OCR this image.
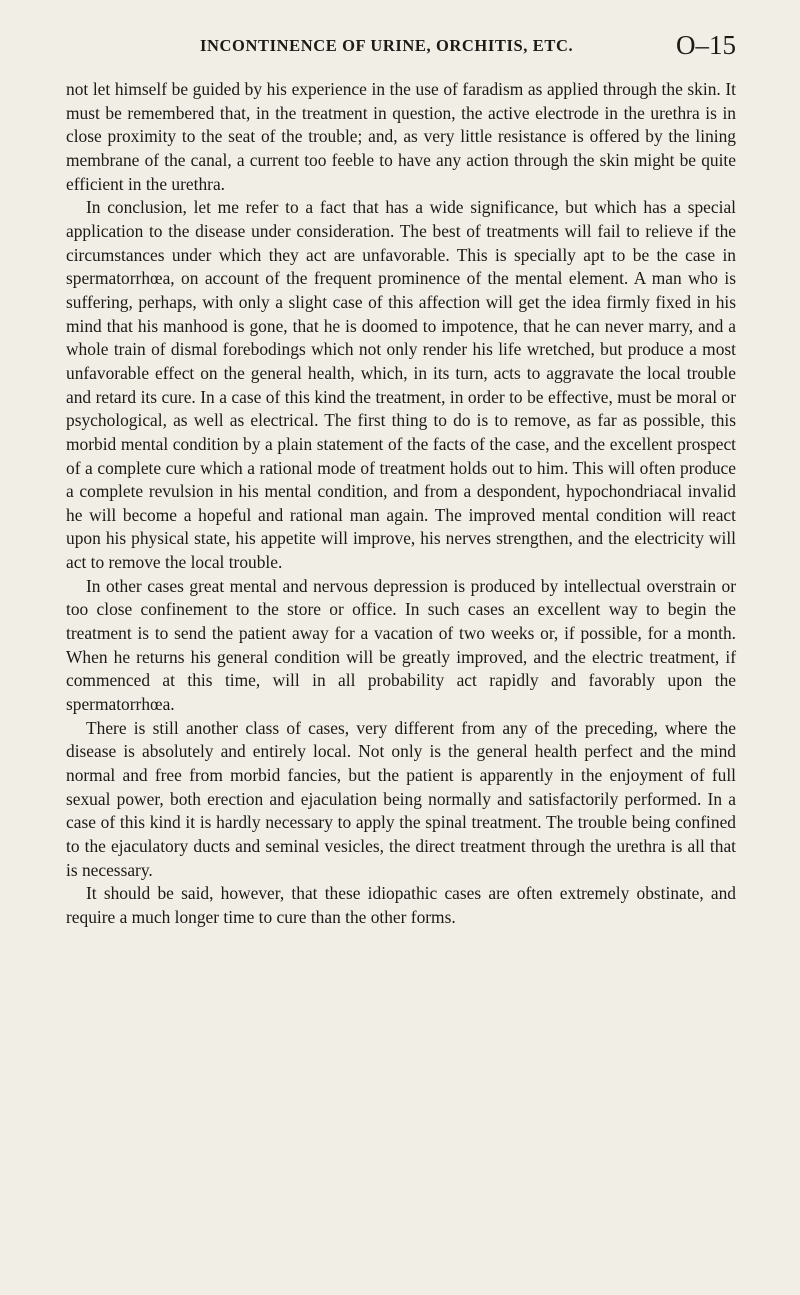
INCONTINENCE OF URINE, ORCHITIS, ETC.	O–15

not let himself be guided by his experience in the use of faradism as applied through the skin. It must be remembered that, in the treatment in question, the active electrode in the urethra is in close proximity to the seat of the trouble; and, as very little resistance is offered by the lining membrane of the canal, a current too feeble to have any action through the skin might be quite efficient in the urethra.

In conclusion, let me refer to a fact that has a wide significance, but which has a special application to the disease under consideration. The best of treatments will fail to relieve if the circumstances under which they act are unfavorable. This is specially apt to be the case in spermatorrhœa, on account of the frequent prominence of the mental element. A man who is suffering, perhaps, with only a slight case of this affection will get the idea firmly fixed in his mind that his manhood is gone, that he is doomed to impotence, that he can never marry, and a whole train of dismal forebodings which not only render his life wretched, but produce a most unfavorable effect on the general health, which, in its turn, acts to aggravate the local trouble and retard its cure. In a case of this kind the treatment, in order to be effective, must be moral or psychological, as well as electrical. The first thing to do is to remove, as far as possible, this morbid mental condition by a plain statement of the facts of the case, and the excellent prospect of a complete cure which a rational mode of treatment holds out to him. This will often produce a complete revulsion in his mental condition, and from a despondent, hypochondriacal invalid he will become a hopeful and rational man again. The improved mental condition will react upon his physical state, his appetite will improve, his nerves strengthen, and the electricity will act to remove the local trouble.

In other cases great mental and nervous depression is produced by intellectual overstrain or too close confinement to the store or office. In such cases an excellent way to begin the treatment is to send the patient away for a vacation of two weeks or, if possible, for a month. When he returns his general condition will be greatly improved, and the electric treatment, if commenced at this time, will in all probability act rapidly and favorably upon the spermatorrhœa.

There is still another class of cases, very different from any of the preceding, where the disease is absolutely and entirely local. Not only is the general health perfect and the mind normal and free from morbid fancies, but the patient is apparently in the enjoyment of full sexual power, both erection and ejaculation being normally and satisfactorily performed. In a case of this kind it is hardly necessary to apply the spinal treatment. The trouble being confined to the ejaculatory ducts and seminal vesicles, the direct treatment through the urethra is all that is necessary.

It should be said, however, that these idiopathic cases are often extremely obstinate, and require a much longer time to cure than the other forms.
